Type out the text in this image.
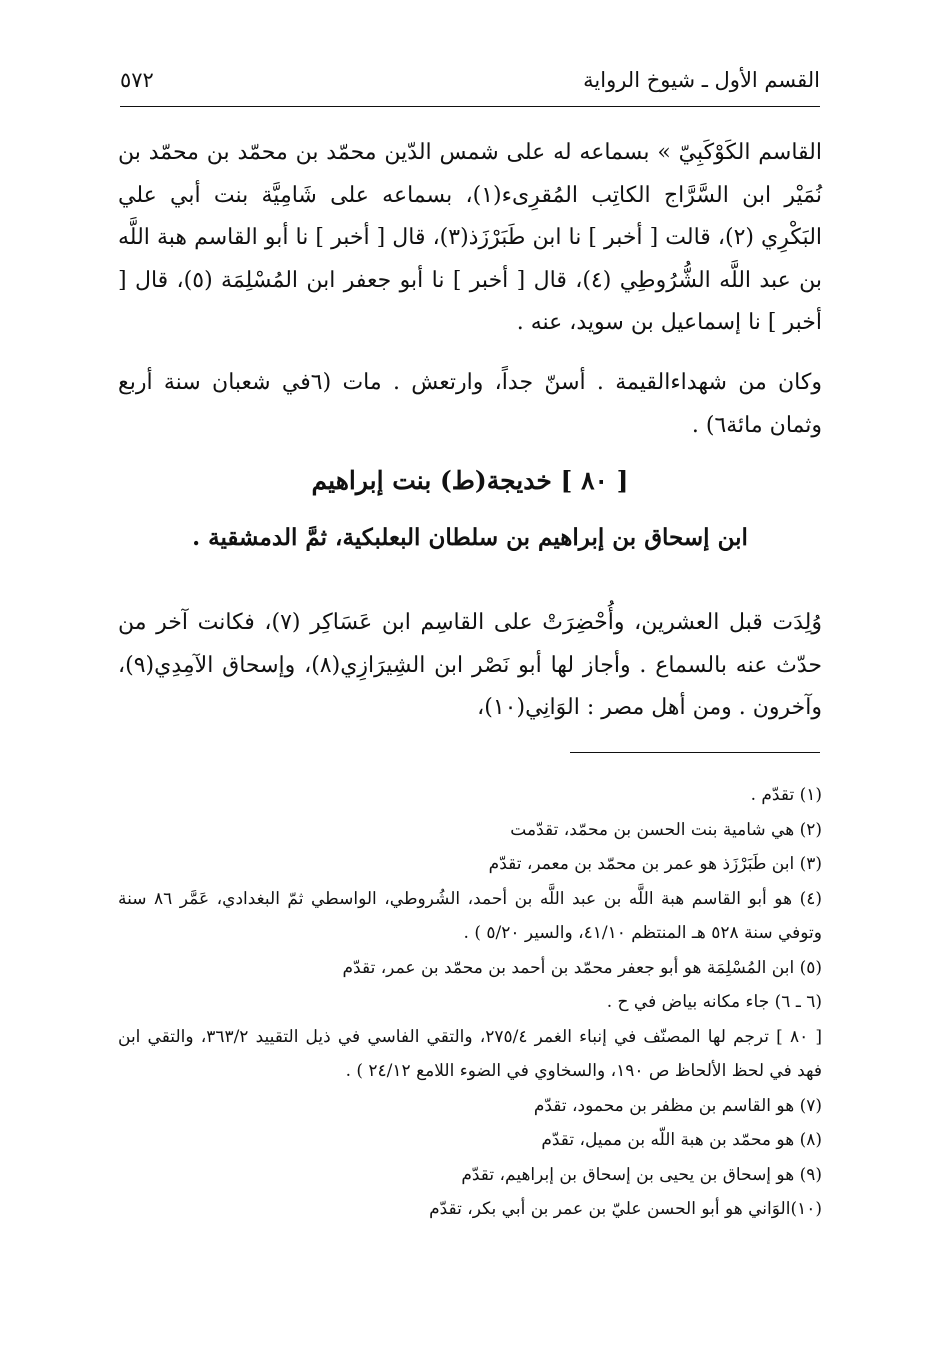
القسم الأول ـ شيوخ الرواية
٥٧٢
القاسم الكَوْكَبِيّ » بسماعه له على شمس الدّين محمّد بن محمّد بن محمّد بن نُمَيْر ابن السَّرَّاج الكاتِب المُقرِىء(١)، بسماعه على شَامِيَّة بنت أبي علي البَكْرِي (٢)، قالت [ أخبر ] نا ابن طَبَرْزَذ(٣)، قال [ أخبر ] نا أبو القاسم هبة اللَّه بن عبد اللَّه الشُّرُوطِي (٤)، قال [ أخبر ] نا أبو جعفر ابن المُسْلِمَة (٥)، قال [ أخبر ] نا إسماعيل بن سويد، عنه .
وكان من شهداءالقيمة . أسنّ جداً، وارتعش . مات (٦في شعبان سنة أربع وثمان مائة٦) .
[ ٨٠ ] خديجة(ط) بنت إبراهيم
ابن إسحاق بن إبراهيم بن سلطان البعلبكية، ثمَّ الدمشقية .
وُلِدَت قبل العشرين، وأُحْضِرَتْ على القاسِم ابن عَسَاكِر (٧)، فكانت آخر من حدّث عنه بالسماع . وأجاز لها أبو نَصْر ابن الشِيرَازِي(٨)، وإسحاق الآمِدِي(٩)، وآخرون . ومن أهل مصر : الوَانِي(١٠)،

(١) تقدّم .

(٢) هي شامية بنت الحسن بن محمّد، تقدّمت

(٣) ابن طَبَرْزَذ هو عمر بن محمّد بن معمر، تقدّم

(٤) هو أبو القاسم هبة اللَّه بن عبد اللَّه بن أحمد، الشُروطي، الواسطي ثمّ البغدادي، عَمَّر ٨٦ سنة وتوفي سنة ٥٢٨ هـ المنتظم ٤١/١٠، والسير ٥/٢٠ ) .

(٥) ابن المُسْلِمَة هو أبو جعفر محمّد بن أحمد بن محمّد بن عمر، تقدّم

(٦ ـ ٦) جاء مكانه بياض في ح .

[ ٨٠ ] ترجم لها المصنّف في إنباء الغمر ٢٧٥/٤، والتقي الفاسي في ذيل التقييد ٣٦٣/٢، والتقي ابن فهد في لحظ الألحاظ ص ١٩٠، والسخاوي في الضوء اللامع ٢٤/١٢ ) .

(٧) هو القاسم بن مظفر بن محمود، تقدّم

(٨) هو محمّد بن هبة اللّه بن مميل، تقدّم

(٩) هو إسحاق بن يحيى بن إسحاق بن إبراهيم، تقدّم

(١٠)الوَاني هو أبو الحسن عليّ بن عمر بن أبي بكر، تقدّم
